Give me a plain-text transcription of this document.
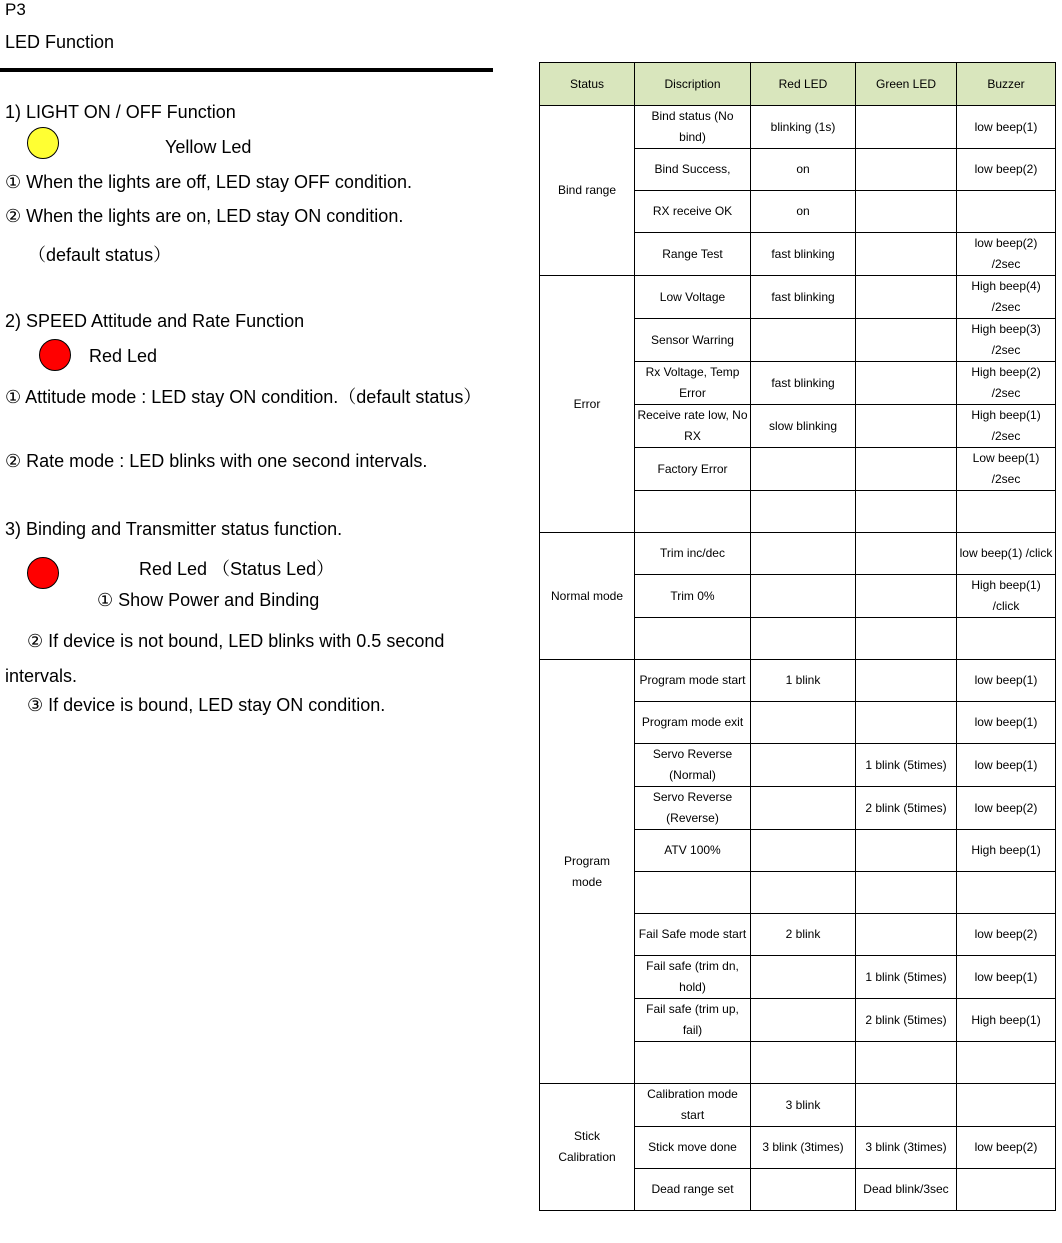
P3
LED Function
1) LIGHT ON / OFF Function
Yellow Led
① When the lights are off, LED stay OFF condition.
② When the lights are on, LED stay ON condition.
（default status）
2) SPEED Attitude and Rate Function
Red Led
① Attitude mode : LED stay ON condition.（default status）
② Rate mode : LED blinks with one second intervals.
3) Binding and Transmitter status function.
Red Led （Status Led）
① Show Power and Binding
② If device is not bound, LED blinks with 0.5 second intervals.
③ If device is bound, LED stay ON condition.
Status	Discription	Red LED	Green LED	Buzzer
Bind range	Bind status (No bind)	blinking (1s)		low beep(1)
	Bind Success,	on		low beep(2)
	RX receive OK	on		
	Range Test	fast blinking		low beep(2) /2sec
Error	Low Voltage	fast blinking		High beep(4) /2sec
	Sensor Warring			High beep(3) /2sec
	Rx Voltage, Temp Error	fast blinking		High beep(2) /2sec
	Receive rate low, No RX	slow blinking		High beep(1) /2sec
	Factory Error			Low beep(1) /2sec

Normal mode	Trim inc/dec			low beep(1) /click
	Trim 0%			High beep(1) /click

Program mode	Program mode start	1 blink		low beep(1)
	Program mode exit			low beep(1)
	Servo Reverse (Normal)		1 blink (5times)	low beep(1)
	Servo Reverse (Reverse)		2 blink (5times)	low beep(2)
	ATV 100%			High beep(1)

	Fail Safe mode start	2 blink		low beep(2)
	Fail safe (trim dn, hold)		1 blink (5times)	low beep(1)
	Fail safe (trim up, fail)		2 blink (5times)	High beep(1)

Stick Calibration	Calibration mode start	3 blink		
	Stick move done	3 blink (3times)	3 blink (3times)	low beep(2)
	Dead range set		Dead blink/3sec	
